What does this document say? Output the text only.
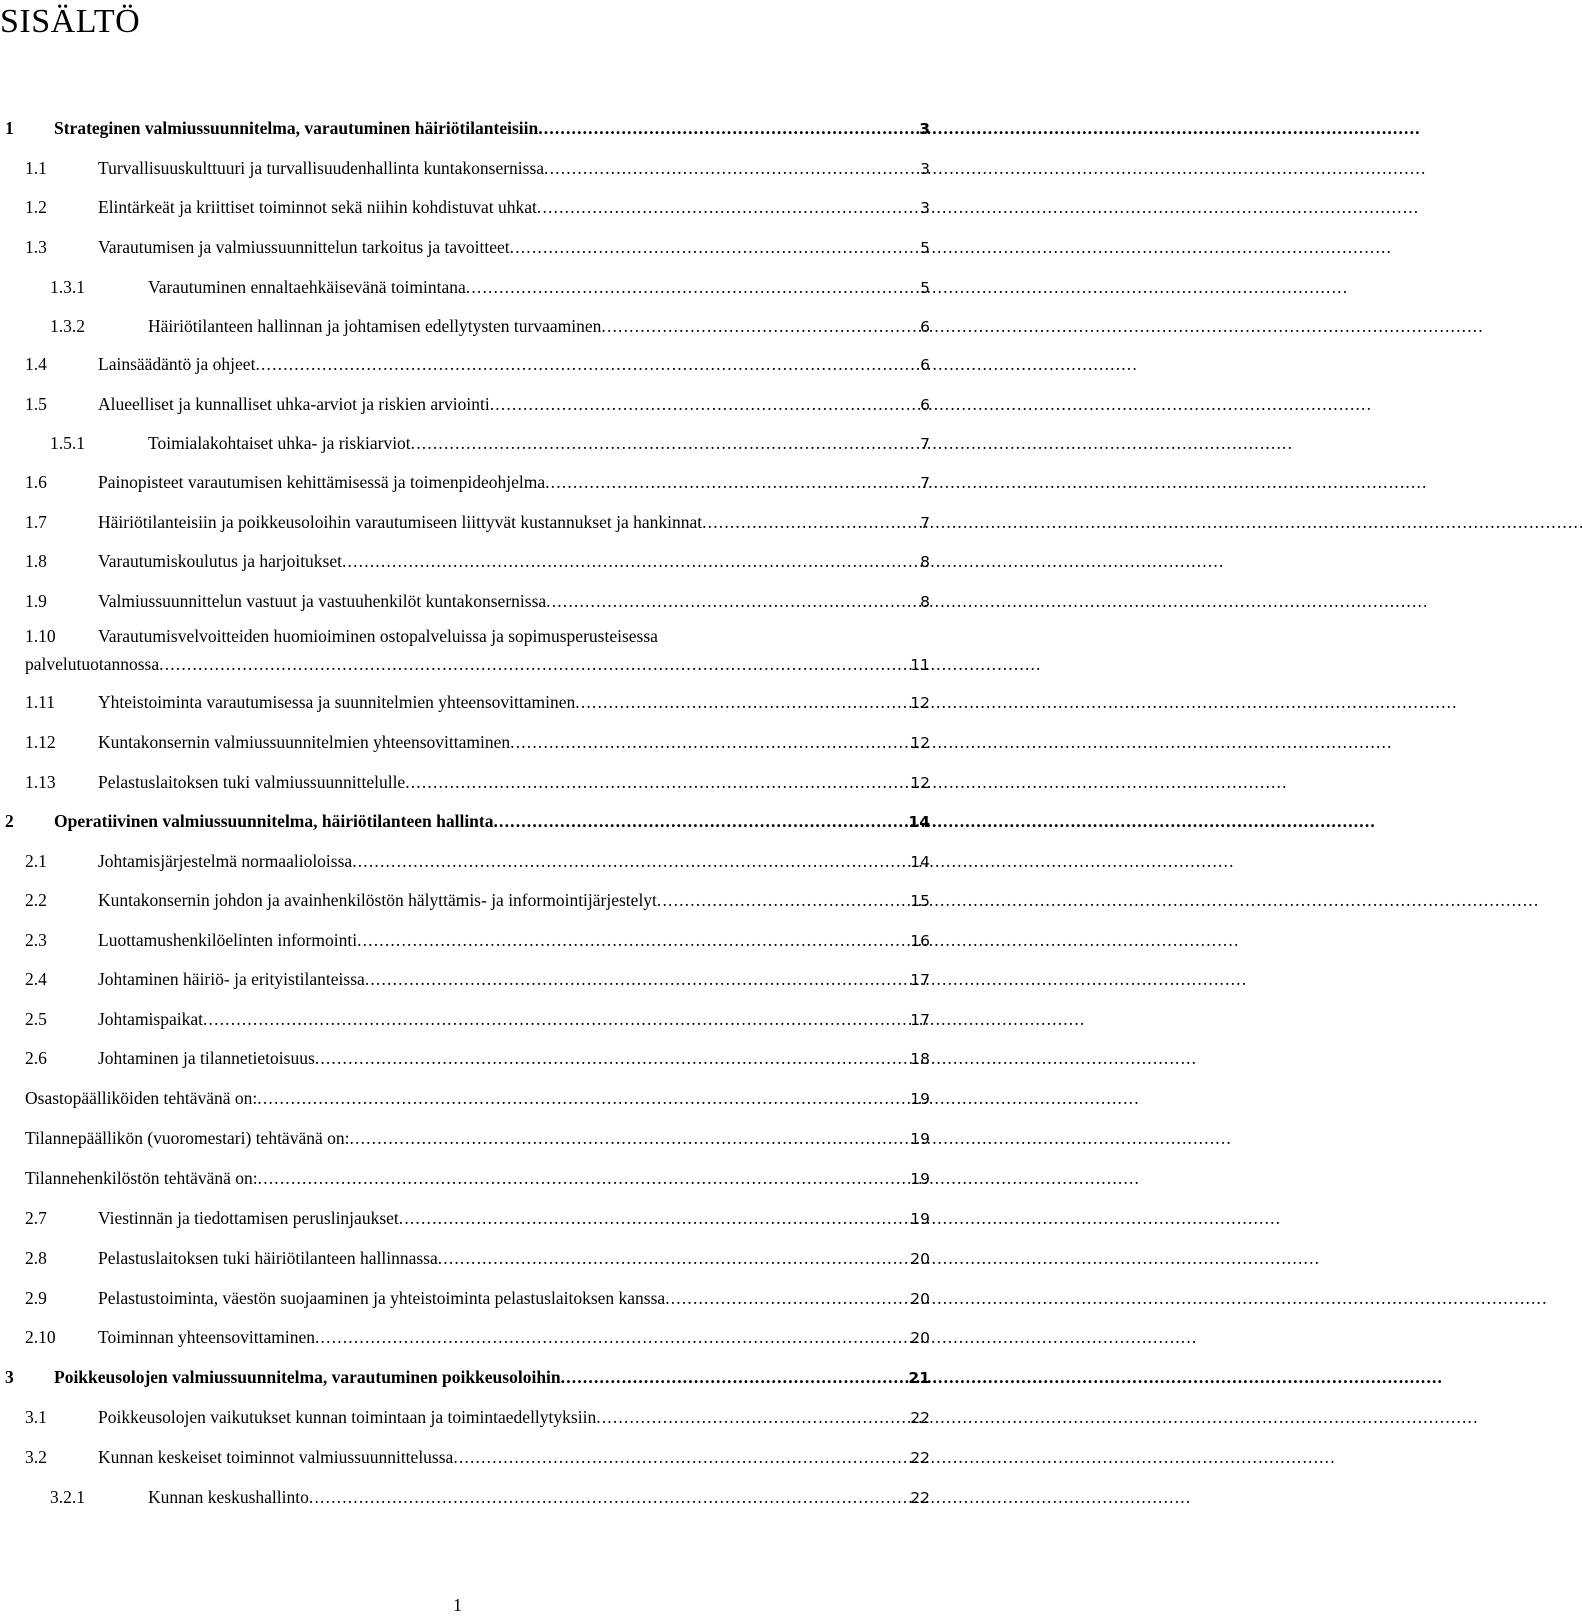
SISÄLTÖ
1	Strateginen valmiussuunnitelma, varautuminen häiriötilanteisiin . . .	3
1.1	Turvallisuuskulttuuri ja turvallisuudenhallinta kuntakonsernissa . . .	3
1.2	Elintärkeät ja kriittiset toiminnot sekä niihin kohdistuvat uhkat . . .	3
1.3	Varautumisen ja valmiussuunnittelun tarkoitus ja tavoitteet . . .	5
1.3.1	Varautuminen ennaltaehkäisevänä toimintana . . .	5
1.3.2	Häiriötilanteen hallinnan ja johtamisen edellytysten turvaaminen . . .	6
1.4	Lainsäädäntö ja ohjeet . . .	6
1.5	Alueelliset ja kunnalliset uhka-arviot ja riskien arviointi . . .	6
1.5.1	Toimialakohtaiset uhka- ja riskiarviot . . .	7
1.6	Painopisteet varautumisen kehittämisessä ja toimenpideohjelma . . .	7
1.7	Häiriötilanteisiin ja poikkeusoloihin varautumiseen liittyvät kustannukset ja hankinnat . . .	7
1.8	Varautumiskoulutus ja harjoitukset . . .	8
1.9	Valmiussuunnittelun vastuut ja vastuuhenkilöt kuntakonsernissa . . .	8
1.10	Varautumisvelvoitteiden huomioiminen ostopalveluissa ja sopimusperusteisessa
palvelutuotannossa . . .	11
1.11	Yhteistoiminta varautumisessa ja suunnitelmien yhteensovittaminen . . .	12
1.12	Kuntakonsernin valmiussuunnitelmien yhteensovittaminen . . .	12
1.13	Pelastuslaitoksen tuki valmiussuunnittelulle . . .	12
2	Operatiivinen valmiussuunnitelma, häiriötilanteen hallinta . . .	14
2.1	Johtamisjärjestelmä normaalioloissa . . .	14
2.2	Kuntakonsernin johdon ja avainhenkilöstön hälyttämis- ja informointijärjestelyt . . .	15
2.3	Luottamushenkilöelinten informointi . . .	16
2.4	Johtaminen häiriö- ja erityistilanteissa . . .	17
2.5	Johtamispaikat . . .	17
2.6	Johtaminen ja tilannetietoisuus . . .	18
Osastopäälliköiden tehtävänä on: . . .	19
Tilannepäällikön (vuoromestari) tehtävänä on: . . .	19
Tilannehenkilöstön tehtävänä on: . . .	19
2.7	Viestinnän ja tiedottamisen peruslinjaukset . . .	19
2.8	Pelastuslaitoksen tuki häiriötilanteen hallinnassa . . .	20
2.9	Pelastustoiminta, väestön suojaaminen ja yhteistoiminta pelastuslaitoksen kanssa . . .	20
2.10	Toiminnan yhteensovittaminen . . .	20
3	Poikkeusolojen valmiussuunnitelma, varautuminen poikkeusoloihin . . .	21
3.1	Poikkeusolojen vaikutukset kunnan toimintaan ja toimintaedellytyksiin . . .	22
3.2	Kunnan keskeiset toiminnot valmiussuunnittelussa . . .	22
3.2.1	Kunnan keskushallinto . . .	22
1
